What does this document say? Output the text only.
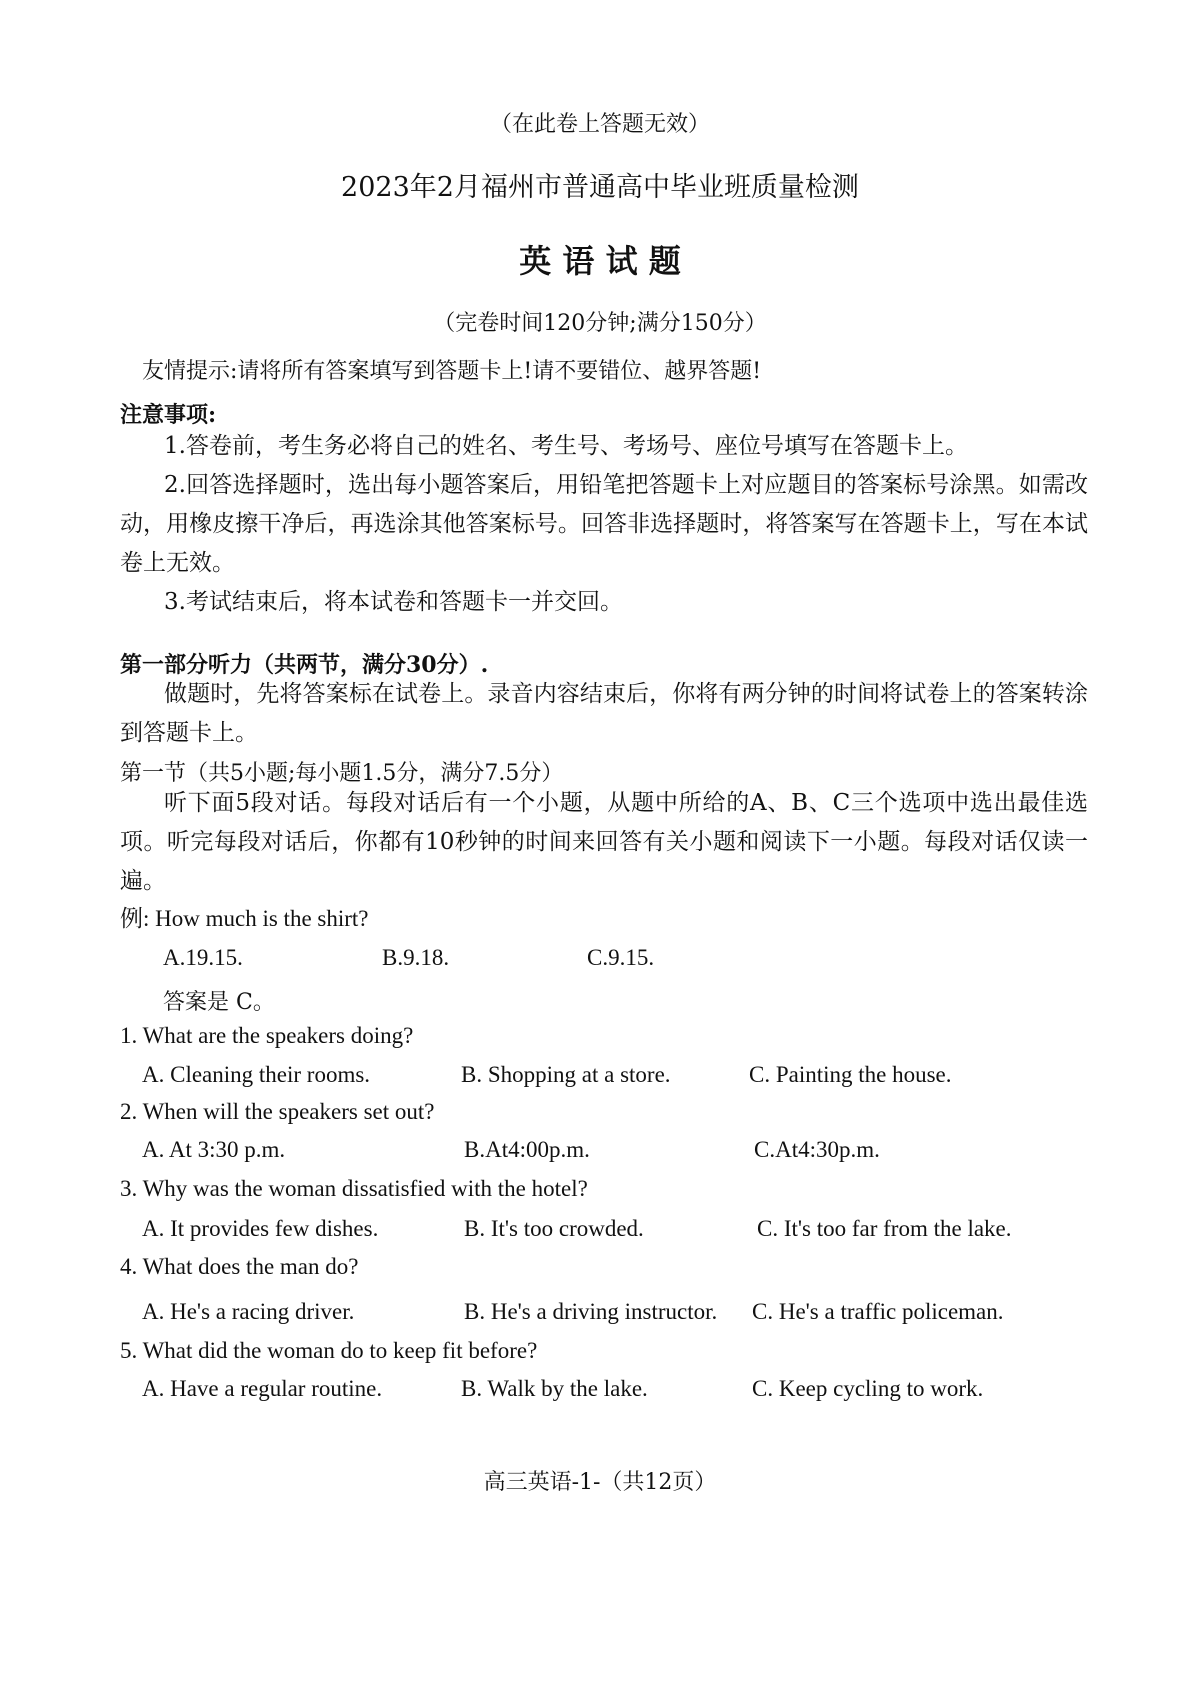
（在此卷上答题无效）
2023年2月福州市普通高中毕业班质量检测
英 语 试 题
（完卷时间120分钟;满分150分）
友情提示:请将所有答案填写到答题卡上!请不要错位、越界答题!
注意事项:

1.答卷前，考生务必将自己的姓名、考生号、考场号、座位号填写在答题卡上。

2.回答选择题时，选出每小题答案后，用铅笔把答题卡上对应题目的答案标号涂黑。如需改动，用橡皮擦干净后，再选涂其他答案标号。回答非选择题时，将答案写在答题卡上，写在本试卷上无效。

3.考试结束后，将本试卷和答题卡一并交回。

第一部分听力（共两节，满分30分）.

做题时，先将答案标在试卷上。录音内容结束后，你将有两分钟的时间将试卷上的答案转涂到答题卡上。

第一节（共5小题;每小题1.5分，满分7.5分）

听下面5段对话。每段对话后有一个小题，从题中所给的A、B、C三个选项中选出最佳选项。听完每段对话后，你都有10秒钟的时间来回答有关小题和阅读下一小题。每段对话仅读一遍。

例: How much is the shirt?
A.19.15.	B.9.18.	C.9.15.
答案是 C。
1. What are the speakers doing?
A. Cleaning their rooms.	B. Shopping at a store.	C. Painting the house.
2. When will the speakers set out?
A. At 3:30 p.m.	B.At4:00p.m.	C.At4:30p.m.
3. Why was the woman dissatisfied with the hotel?
A. It provides few dishes.	B. It's too crowded.	C. It's too far from the lake.
4. What does the man do?
A. He's a racing driver.	B. He's a driving instructor. C. He's a traffic policeman.
5. What did the woman do to keep fit before?
A. Have a regular routine.	B. Walk by the lake.	C. Keep cycling to work.
高三英语-1-（共12页）
